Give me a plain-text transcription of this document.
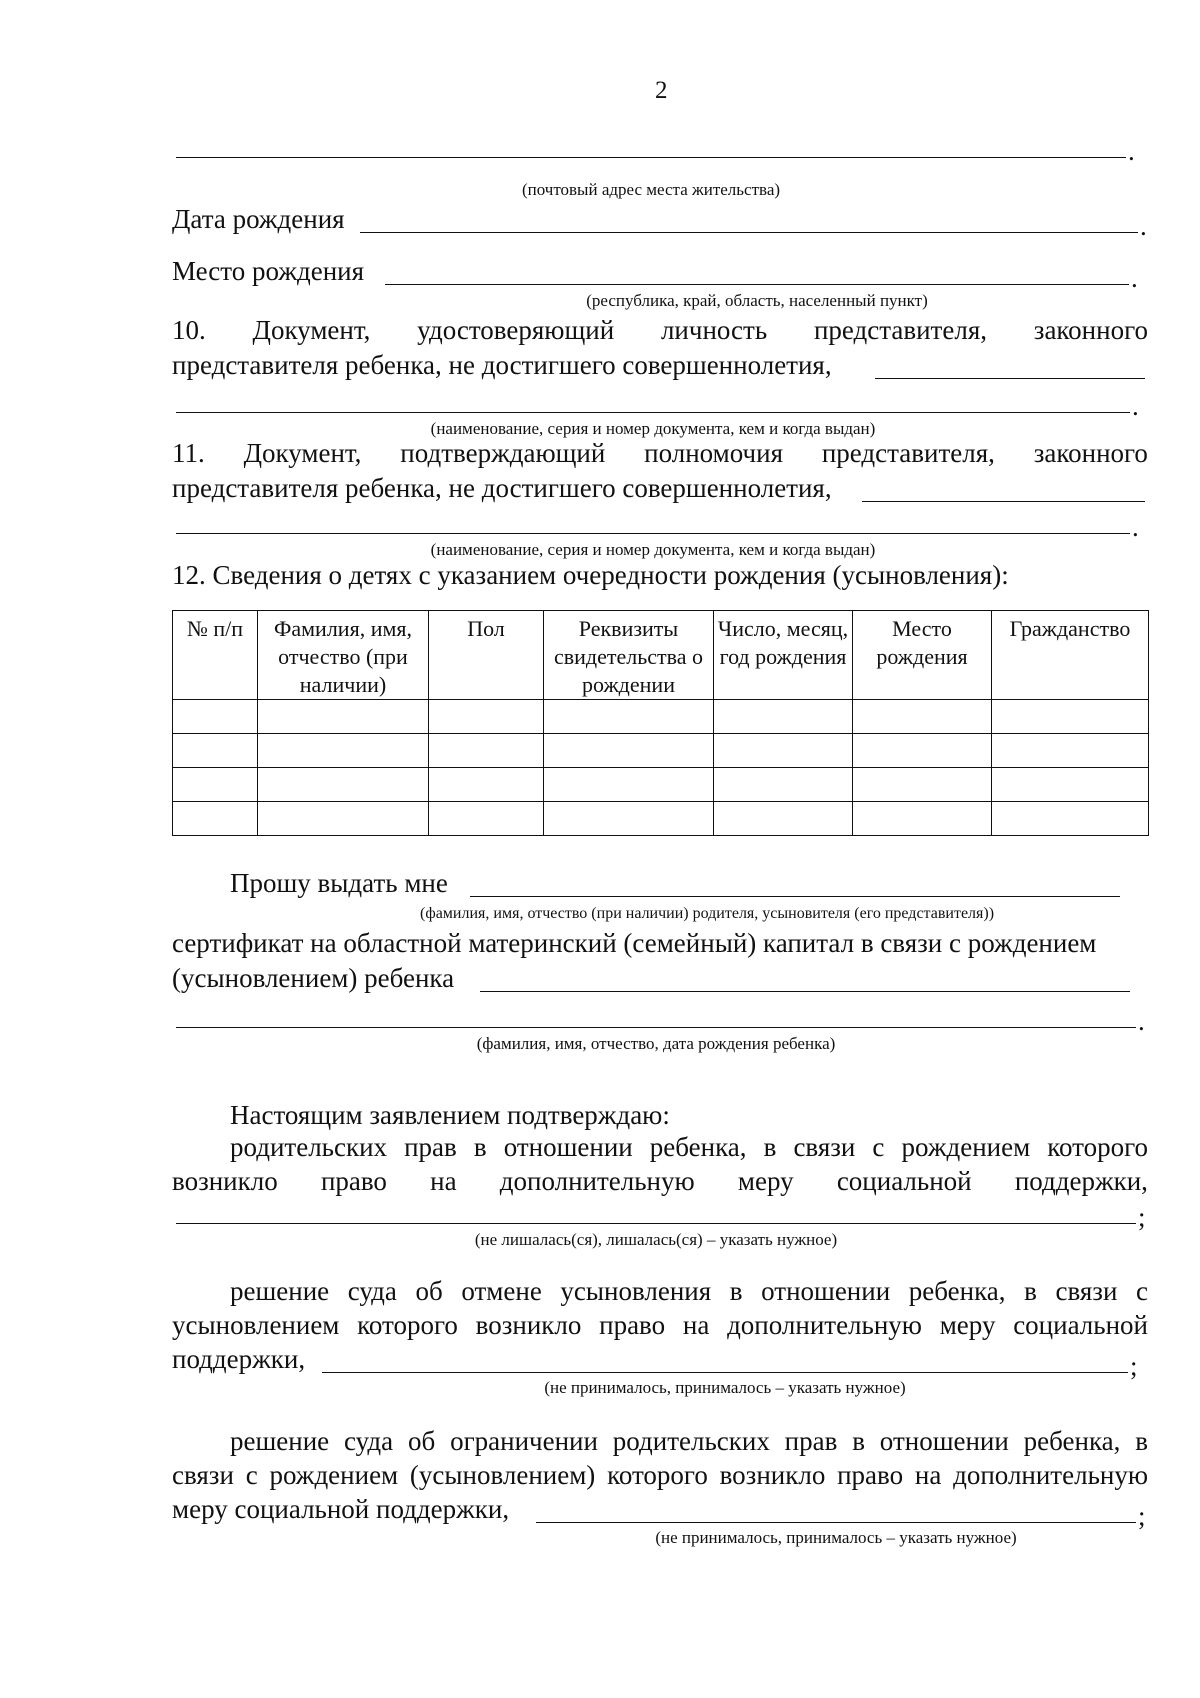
2
.
(почтовый адрес места жительства)
Дата рождения	.
Место рождения	.
(республика, край, область, населенный пункт)
10. Документ, удостоверяющий личность представителя, законного
представителя ребенка, не достигшего совершеннолетия,
.
(наименование, серия и номер документа, кем и когда выдан)
11. Документ, подтверждающий полномочия представителя, законного
представителя ребенка, не достигшего совершеннолетия,
.
(наименование, серия и номер документа, кем и когда выдан)
12. Сведения о детях с указанием очередности рождения (усыновления):
№ п/п	Фамилия, имя, отчество (при наличии)	Пол	Реквизиты свидетельства о рождении	Число, месяц, год рождения	Место рождения	Гражданство

Прошу выдать мне
(фамилия, имя, отчество (при наличии) родителя, усыновителя (его представителя))
сертификат на областной материнский (семейный) капитал в связи с рождением
(усыновлением) ребенка
.
(фамилия, имя, отчество, дата рождения ребенка)
Настоящим заявлением подтверждаю:
родительских прав в отношении ребенка, в связи с рождением которого
возникло право на дополнительную меру социальной поддержки,
;
(не лишалась(ся), лишалась(ся) – указать нужное)
решение суда об отмене усыновления в отношении ребенка, в связи с
усыновлением которого возникло право на дополнительную меру социальной
поддержки,	;
(не принималось, принималось – указать нужное)
решение суда об ограничении родительских прав в отношении ребенка, в
связи с рождением (усыновлением) которого возникло право на дополнительную
меру социальной поддержки,	;
(не принималось, принималось – указать нужное)
